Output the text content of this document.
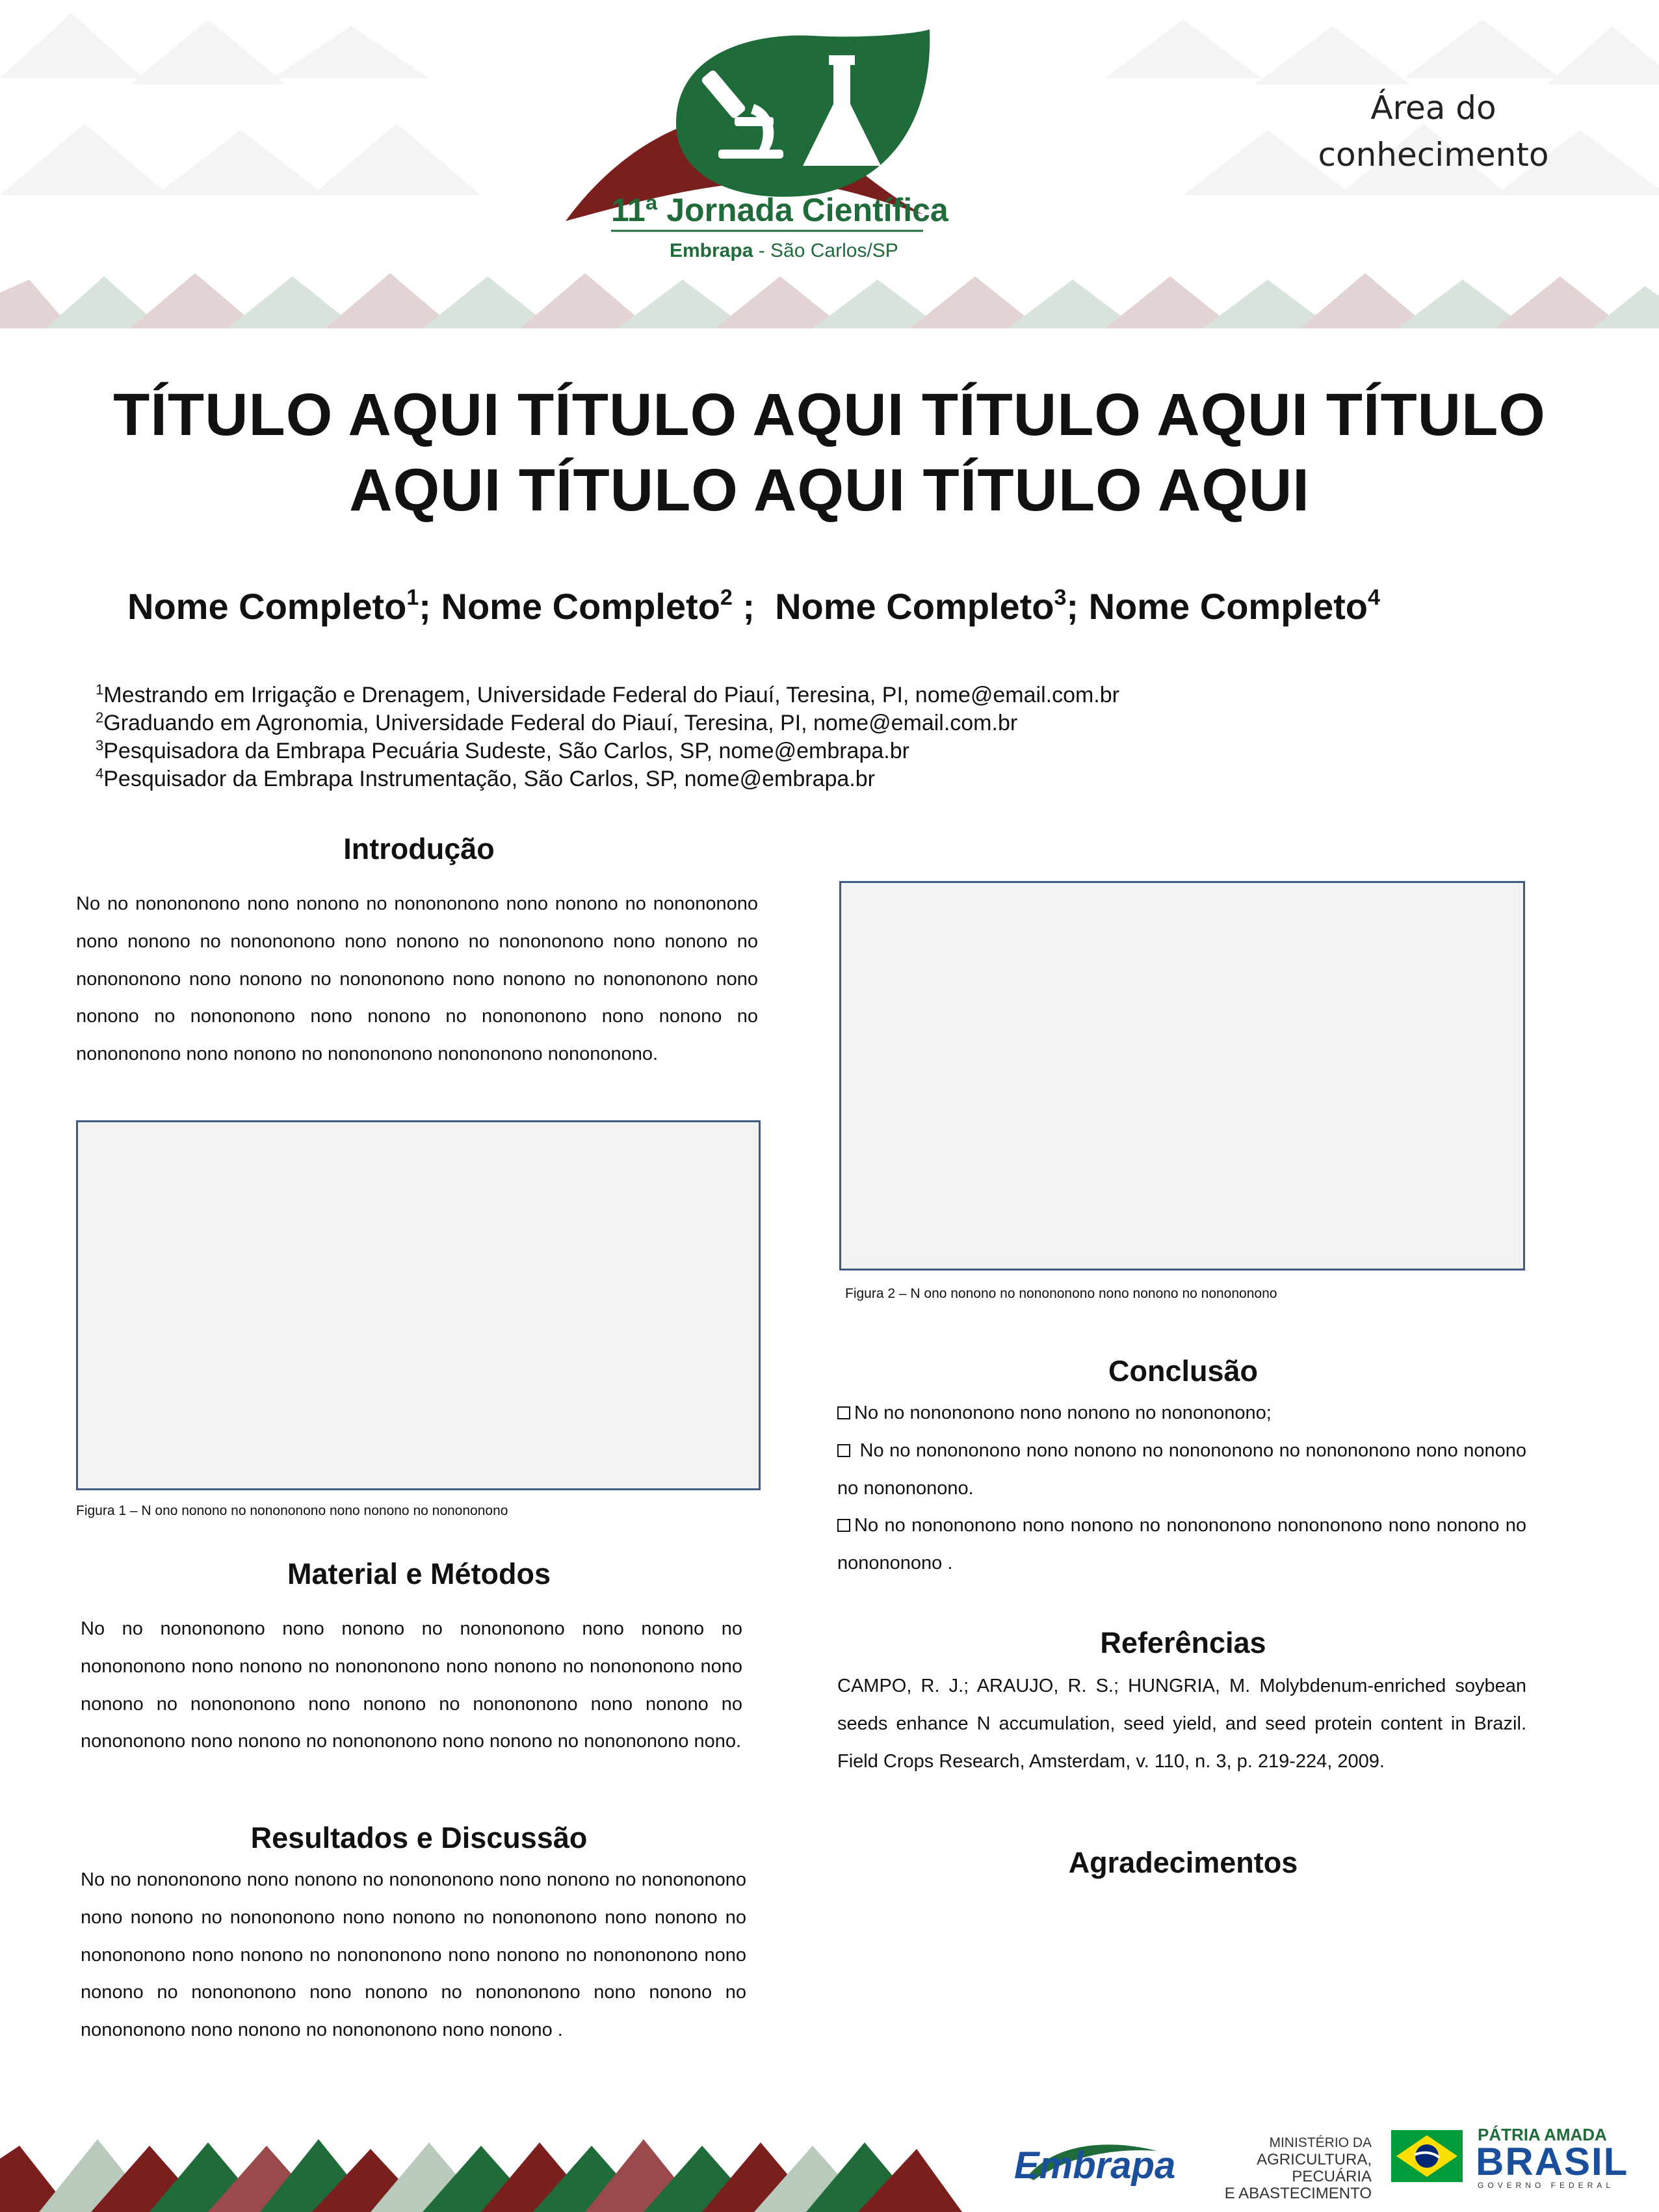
11ª Jornada Científica
Embrapa - São Carlos/SP
Área do
conhecimento
TÍTULO AQUI TÍTULO AQUI TÍTULO AQUI TÍTULO
AQUI TÍTULO AQUI TÍTULO AQUI
Nome Completo$^1$; Nome Completo$^2$ ;  Nome Completo$^3$; Nome Completo$^4$
$^1$Mestrando em Irrigação e Drenagem, Universidade Federal do Piauí, Teresina, PI, nome@email.com.br
$^2$Graduando em Agronomia, Universidade Federal do Piauí, Teresina, PI, nome@email.com.br
$^3$Pesquisadora da Embrapa Pecuária Sudeste, São Carlos, SP, nome@embrapa.br
$^4$Pesquisador da Embrapa Instrumentação, São Carlos, SP, nome@embrapa.br
Introdução
No no nonononono nono nonono no nonononono nono nonono no nonononono nono nonono no nonononono nono nonono no nonononono nono nonono no nonononono nono nonono no nonononono nono nonono no nonononono nono nonono no nonononono nono nonono no nonononono nono nonono no nonononono nono nonono no nonononono nonononono nonononono.
Figura 1 – N ono nonono no nonononono nono nonono no nonononono
Material e Métodos
No no nonononono nono nonono no nonononono nono nonono no nonononono nono nonono no nonononono nono nonono no nonononono nono nonono no nonononono nono nonono no nonononono nono nonono no nonononono nono nonono no nonononono nono nonono no nonononono nono.
Resultados e Discussão
No no nonononono nono nonono no nonononono nono nonono no nonononono nono nonono no nonononono nono nonono no nonononono nono nonono no nonononono nono nonono no nonononono nono nonono no nonononono nono nonono no nonononono nono nonono no nonononono nono nonono no nonononono nono nonono no nonononono nono nonono .
Figura 2 – N ono nonono no nonononono nono nonono no nonononono
Conclusão
No no nonononono nono nonono no nonononono;
No no nonononono nono nonono no nonononono no nonononono nono nonono no nonononono.
No no nonononono nono nonono no nonononono nonononono nono nonono no nonononono .
Referências
CAMPO, R. J.; ARAUJO, R. S.; HUNGRIA, M. Molybdenum-enriched soybean seeds enhance N accumulation, seed yield, and seed protein content in Brazil. Field Crops Research, Amsterdam, v. 110, n. 3, p. 219-224, 2009.
Agradecimentos
Embrapa
MINISTÉRIO DA
AGRICULTURA, PECUÁRIA
E ABASTECIMENTO
PÁTRIA AMADA
BRASIL
GOVERNO FEDERAL
